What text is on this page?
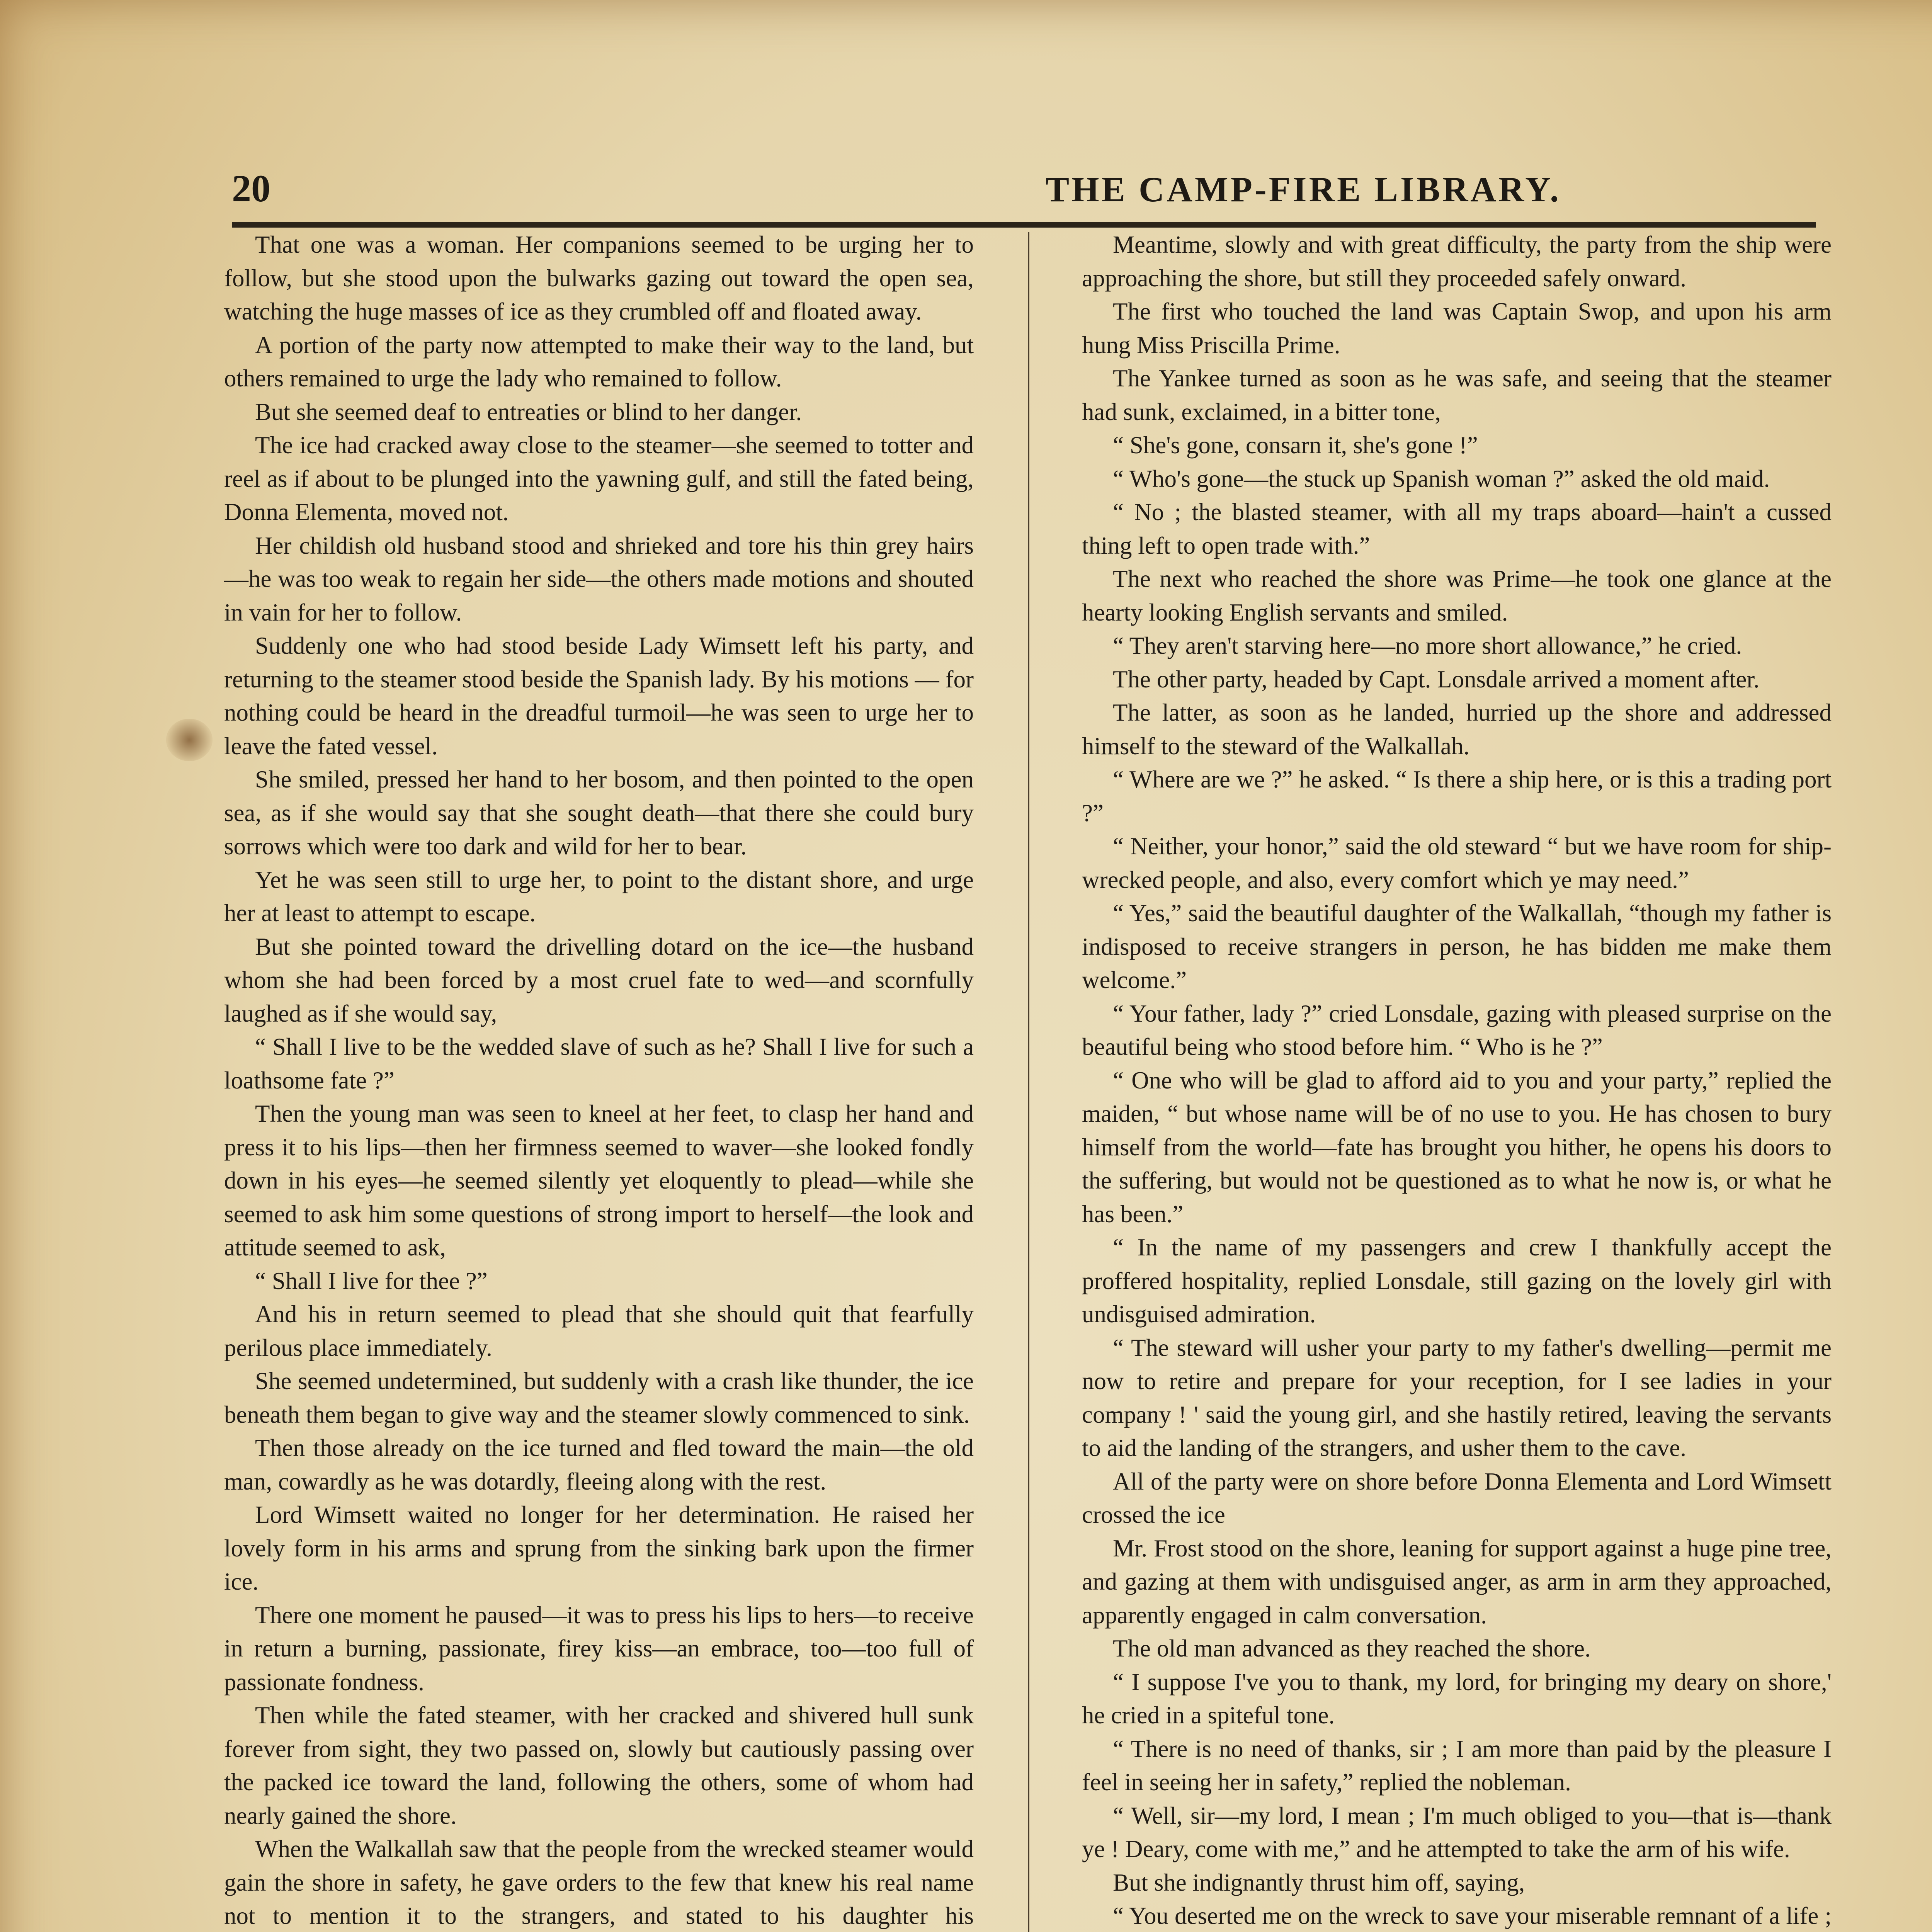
20	THE CAMP-FIRE LIBRARY.

That one was a woman. Her companions seemed to be urging her to follow, but she stood upon the bulwarks gazing out toward the open sea, watching the huge masses of ice as they crumbled off and floated away.

A portion of the party now attempted to make their way to the land, but others remained to urge the lady who remained to follow.

But she seemed deaf to entreaties or blind to her danger.

The ice had cracked away close to the steamer—she seemed to totter and reel as if about to be plunged into the yawning gulf, and still the fated being, Donna Elementa, moved not.

Her childish old husband stood and shrieked and tore his thin grey hairs—he was too weak to regain her side—the others made motions and shouted in vain for her to follow.

Suddenly one who had stood beside Lady Wimsett left his party, and returning to the steamer stood beside the Spanish lady. By his motions — for nothing could be heard in the dreadful turmoil—he was seen to urge her to leave the fated vessel.

She smiled, pressed her hand to her bosom, and then pointed to the open sea, as if she would say that she sought death—that there she could bury sorrows which were too dark and wild for her to bear.

Yet he was seen still to urge her, to point to the distant shore, and urge her at least to attempt to escape.

But she pointed toward the drivelling dotard on the ice—the husband whom she had been forced by a most cruel fate to wed—and scornfully laughed as if she would say,

“ Shall I live to be the wedded slave of such as he? Shall I live for such a loathsome fate ?”

Then the young man was seen to kneel at her feet, to clasp her hand and press it to his lips—then her firmness seemed to waver—she looked fondly down in his eyes—he seemed silently yet eloquently to plead—while she seemed to ask him some questions of strong import to herself—the look and attitude seemed to ask,

“ Shall I live for thee ?”

And his in return seemed to plead that she should quit that fearfully perilous place immediately.

She seemed undetermined, but suddenly with a crash like thunder, the ice beneath them began to give way and the steamer slowly commenced to sink.

Then those already on the ice turned and fled toward the main—the old man, cowardly as he was dotardly, fleeing along with the rest.

Lord Wimsett waited no longer for her determination. He raised her lovely form in his arms and sprung from the sinking bark upon the firmer ice.

There one moment he paused—it was to press his lips to hers—to receive in return a burning, passionate, firey kiss—an embrace, too—too full of passionate fondness.

Then while the fated steamer, with her cracked and shivered hull sunk forever from sight, they two passed on, slowly but cautiously passing over the packed ice toward the land, following the others, some of whom had nearly gained the shore.

When the Walkallah saw that the people from the wrecked steamer would gain the shore in safety, he gave orders to the few that knew his real name not to mention it to the strangers, and stated to his daughter his

Meantime, slowly and with great difficulty, the party from the ship were approaching the shore, but still they proceeded safely onward.

The first who touched the land was Captain Swop, and upon his arm hung Miss Priscilla Prime.

The Yankee turned as soon as he was safe, and seeing that the steamer had sunk, exclaimed, in a bitter tone,

“ She's gone, consarn it, she's gone !”

“ Who's gone—the stuck up Spanish woman ?” asked the old maid.

“ No ; the blasted steamer, with all my traps aboard—hain't a cussed thing left to open trade with.”

The next who reached the shore was Prime—he took one glance at the hearty looking English servants and smiled.

“ They aren't starving here—no more short allowance,” he cried.

The other party, headed by Capt. Lonsdale arrived a moment after.

The latter, as soon as he landed, hurried up the shore and addressed himself to the steward of the Walkallah.

“ Where are we ?” he asked. “ Is there a ship here, or is this a trading port ?”

“ Neither, your honor,” said the old steward “ but we have room for ship-wrecked people, and also, every comfort which ye may need.”

“ Yes,” said the beautiful daughter of the Walkallah, “though my father is indisposed to receive strangers in person, he has bidden me make them welcome.”

“ Your father, lady ?” cried Lonsdale, gazing with pleased surprise on the beautiful being who stood before him. “ Who is he ?”

“ One who will be glad to afford aid to you and your party,” replied the maiden, “ but whose name will be of no use to you. He has chosen to bury himself from the world—fate has brought you hither, he opens his doors to the suffering, but would not be questioned as to what he now is, or what he has been.”

“ In the name of my passengers and crew I thankfully accept the proffered hospitality, replied Lonsdale, still gazing on the lovely girl with undisguised admiration.

“ The steward will usher your party to my father's dwelling—permit me now to retire and prepare for your reception, for I see ladies in your company ! ' said the young girl, and she hastily retired, leaving the servants to aid the landing of the strangers, and usher them to the cave.

All of the party were on shore before Donna Elementa and Lord Wimsett crossed the ice

Mr. Frost stood on the shore, leaning for support against a huge pine tree, and gazing at them with undisguised anger, as arm in arm they approached, apparently engaged in calm conversation.

The old man advanced as they reached the shore.

“ I suppose I've you to thank, my lord, for bringing my deary on shore,' he cried in a spiteful tone.

“ There is no need of thanks, sir ; I am more than paid by the pleasure I feel in seeing her in safety,” replied the nobleman.

“ Well, sir—my lord, I mean ; I'm much obliged to you—that is—thank ye ! Deary, come with me,” and he attempted to take the arm of his wife.

But she indignantly thrust him off, saying,

“ You deserted me on the wreck to save your miserable remnant of a life ;
